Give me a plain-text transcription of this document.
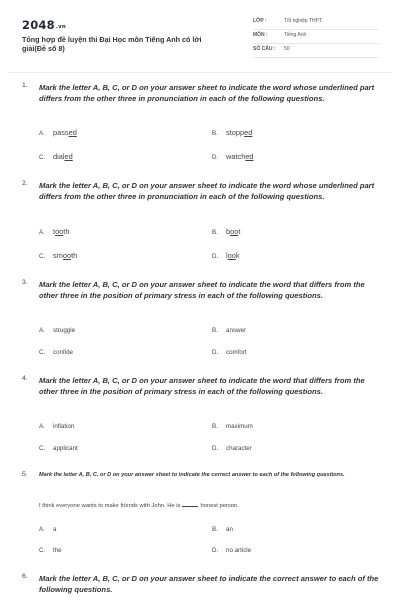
2048.vn
Tổng hợp đề luyện thi Đại Học môn Tiếng Anh có lời giải(Đề số 8)
LỚP :	Tốt nghiệp THPT
MÔN :	Tiếng Anh
SỐ CÂU : 50
1. Mark the letter A, B, C, or D on your answer sheet to indicate the word whose underlined part differs from the other three in pronunciation in each of the following questions.
A. passed	B. stopped
C. dialed	D. watched
2. Mark the letter A, B, C, or D on your answer sheet to indicate the word whose underlined part differs from the other three in pronunciation in each of the following questions.
A. tooth	B. boot
C. smooth	D. look
3. Mark the letter A, B, C, or D on your answer sheet to indicate the word that differs from the other three in the position of primary stress in each of the following questions.
A. struggle	B. answer
C. confide	D. comfort
4. Mark the letter A, B, C, or D on your answer sheet to indicate the word that differs from the other three in the position of primary stress in each of the following questions.
A. inflation	B. maximum
C. applicant	D. character
5. Mark the letter A, B, C, or D on your answer sheet to indicate the correct answer to each of the following questions.
I think everyone wants to make friends with John. He is	honest person.
A. a	B. an
C. the	D. no article
6. Mark the letter A, B, C, or D on your answer sheet to indicate the correct answer to each of the following questions.
